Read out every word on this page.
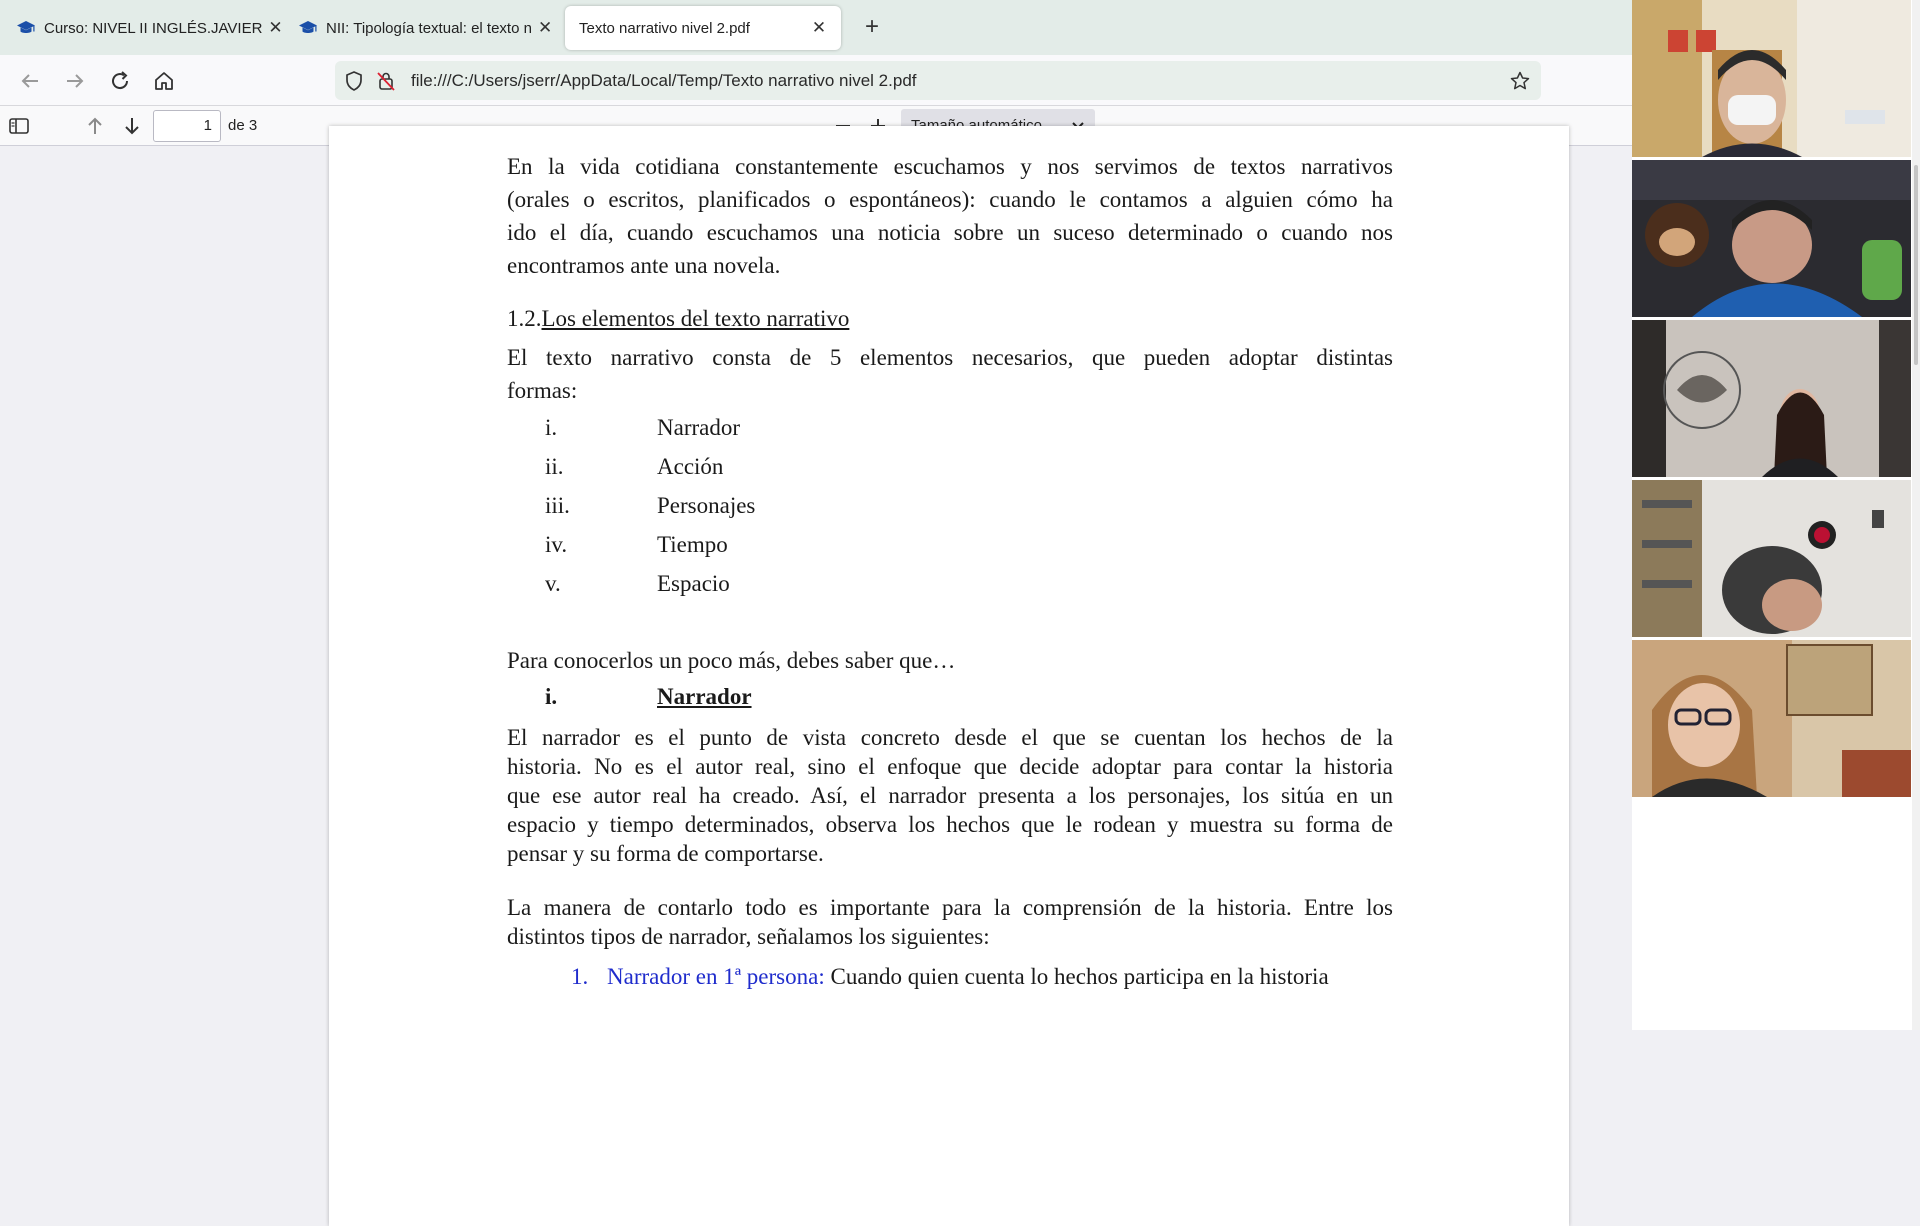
Curso: NIVEL II INGLÉS.JAVIER ✕	NII: Tipología textual: el texto n ✕ Texto narrativo nivel 2.pdf	✕ +
file:///C:/Users/jserr/AppData/Local/Temp/Texto narrativo nivel 2.pdf
1	de 3
En la vida cotidiana constantemente escuchamos y nos servimos de textos narrativos
(orales o escritos, planificados o espontáneos): cuando le contamos a alguien cómo ha
ido el día, cuando escuchamos una noticia sobre un suceso determinado o cuando nos
encontramos ante una novela.
1.2.Los elementos del texto narrativo
El texto narrativo consta de 5 elementos necesarios, que pueden adoptar distintas
formas:
i.	Narrador
ii.	Acción
iii.	Personajes
iv.	Tiempo
v.	Espacio
Para conocerlos un poco más, debes saber que…
i.	Narrador
El narrador es el punto de vista concreto desde el que se cuentan los hechos de la
historia. No es el autor real, sino el enfoque que decide adoptar para contar la historia
que ese autor real ha creado. Así, el narrador presenta a los personajes, los sitúa en un
espacio y tiempo determinados, observa los hechos que le rodean y muestra su forma de
pensar y su forma de comportarse.
La manera de contarlo todo es importante para la comprensión de la historia. Entre los
distintos tipos de narrador, señalamos los siguientes:
1. Narrador en 1ª persona: Cuando quien cuenta lo hechos participa en la historia
